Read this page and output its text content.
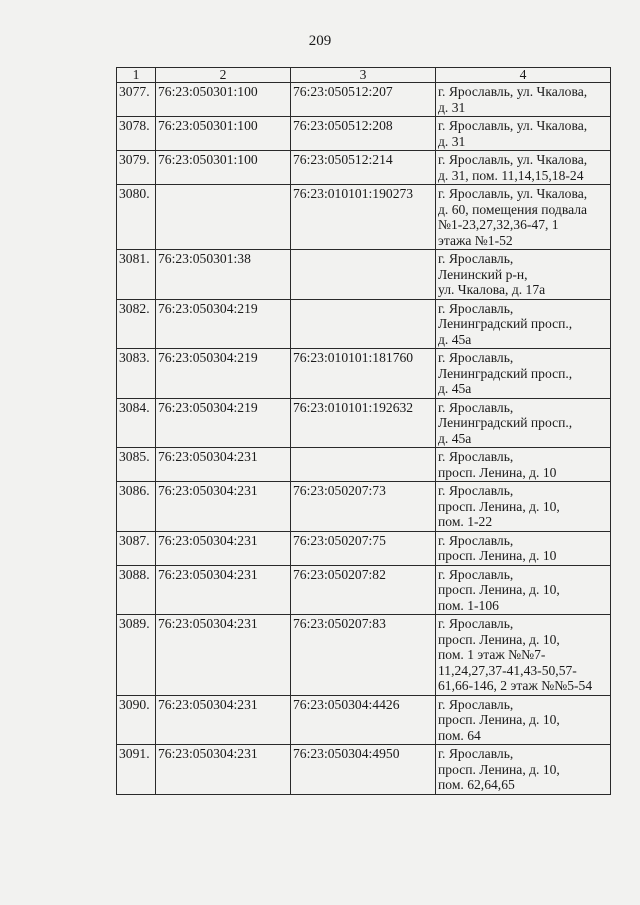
209
1	2	3	4
3077.	76:23:050301:100	76:23:050512:207	г. Ярославль, ул. Чкалова,
д. 31

3078.	76:23:050301:100	76:23:050512:208	г. Ярославль, ул. Чкалова,
д. 31

3079.	76:23:050301:100	76:23:050512:214	г. Ярославль, ул. Чкалова,
д. 31, пом. 11,14,15,18-24

3080.		76:23:010101:190273	г. Ярославль, ул. Чкалова,
д. 60, помещения подвала
№1-23,27,32,36-47, 1
этажа №1-52

3081.	76:23:050301:38		г. Ярославль,
Ленинский р-н,
ул. Чкалова, д. 17а

3082.	76:23:050304:219		г. Ярославль,
Ленинградский просп.,
д. 45а

3083.	76:23:050304:219	76:23:010101:181760	г. Ярославль,
Ленинградский просп.,
д. 45а

3084.	76:23:050304:219	76:23:010101:192632	г. Ярославль,
Ленинградский просп.,
д. 45а

3085.	76:23:050304:231		г. Ярославль,
просп. Ленина, д. 10

3086.	76:23:050304:231	76:23:050207:73	г. Ярославль,
просп. Ленина, д. 10,
пом. 1-22

3087.	76:23:050304:231	76:23:050207:75	г. Ярославль,
просп. Ленина, д. 10

3088.	76:23:050304:231	76:23:050207:82	г. Ярославль,
просп. Ленина, д. 10,
пом. 1-106

3089.	76:23:050304:231	76:23:050207:83	г. Ярославль,
просп. Ленина, д. 10,
пом. 1 этаж №№7-
11,24,27,37-41,43-50,57-
61,66-146, 2 этаж №№5-54

3090.	76:23:050304:231	76:23:050304:4426	г. Ярославль,
просп. Ленина, д. 10,
пом. 64

3091.	76:23:050304:231	76:23:050304:4950	г. Ярославль,
просп. Ленина, д. 10,
пом. 62,64,65
